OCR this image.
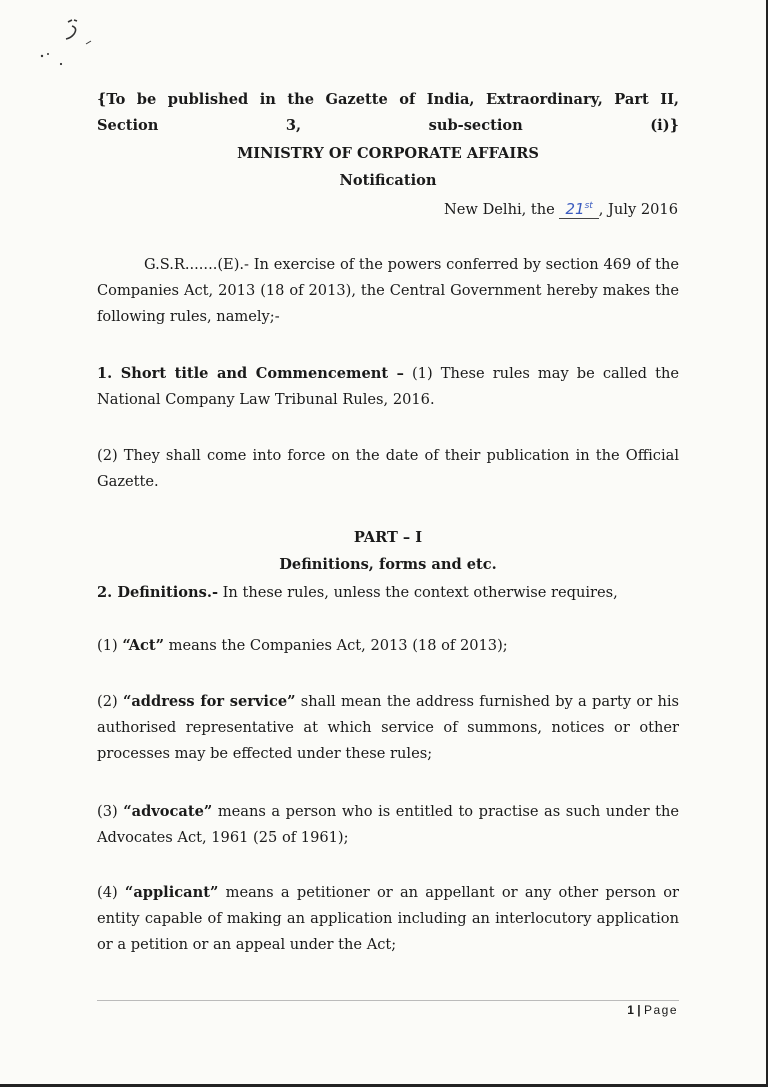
{To be published in the Gazette of India, Extraordinary, Part II, Section 3, sub-section (i)}
MINISTRY OF CORPORATE AFFAIRS
Notification
New Delhi, the 21st , July 2016
G.S.R.......(E).- In exercise of the powers conferred by section 469 of the Companies Act, 2013 (18 of 2013), the Central Government hereby makes the following rules, namely;-
1. Short title and Commencement – (1) These rules may be called the National Company Law Tribunal Rules, 2016.
(2) They shall come into force on the date of their publication in the Official Gazette.
PART – I
Definitions, forms and etc.
2. Definitions.- In these rules, unless the context otherwise requires,
(1) “Act” means the Companies Act, 2013 (18 of 2013);
(2) “address for service” shall mean the address furnished by a party or his authorised representative at which service of summons, notices or other processes may be effected under these rules;
(3) “advocate” means a person who is entitled to practise as such under the Advocates Act, 1961 (25 of 1961);
(4) “applicant” means a petitioner or an appellant or any other person or entity capable of making an application including an interlocutory application or a petition or an appeal under the Act;
1 | Page
